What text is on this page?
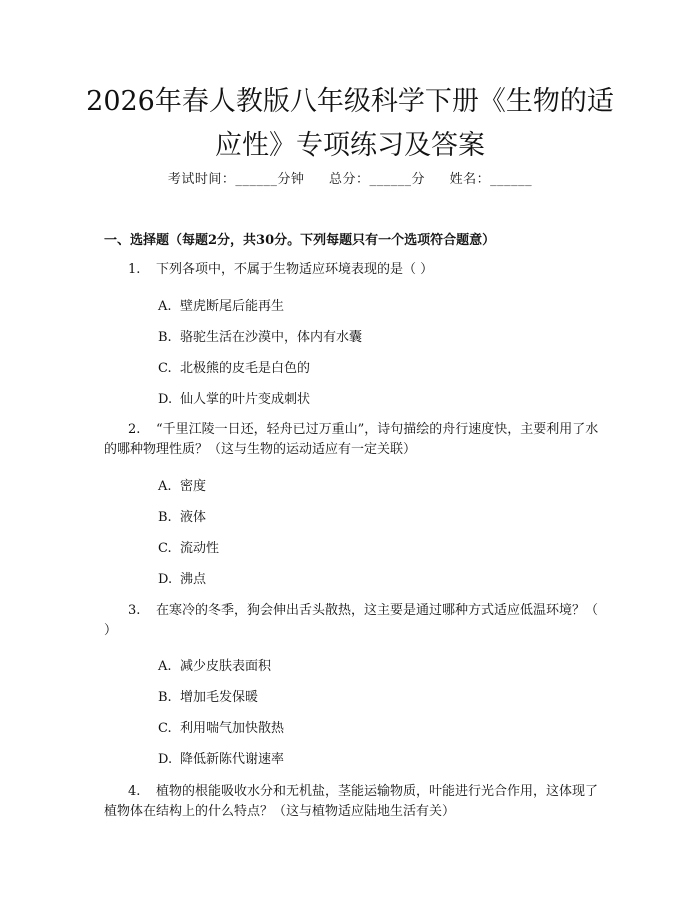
2026年春人教版八年级科学下册《生物的适
应性》专项练习及答案
考试时间：______分钟 总分：______分 姓名：______
一、选择题（每题2分，共30分。下列每题只有一个选项符合题意）
1. 下列各项中，不属于生物适应环境表现的是（ ）
A. 壁虎断尾后能再生
B. 骆驼生活在沙漠中，体内有水囊
C. 北极熊的皮毛是白色的
D. 仙人掌的叶片变成刺状
2. “千里江陵一日还，轻舟已过万重山”，诗句描绘的舟行速度快，主要利用了水的哪种物理性质？（这与生物的运动适应有一定关联）
A. 密度
B. 液体
C. 流动性
D. 沸点
3. 在寒冷的冬季，狗会伸出舌头散热，这主要是通过哪种方式适应低温环境？（ ）
A. 减少皮肤表面积
B. 增加毛发保暖
C. 利用喘气加快散热
D. 降低新陈代谢速率
4. 植物的根能吸收水分和无机盐，茎能运输物质，叶能进行光合作用，这体现了植物体在结构上的什么特点？（这与植物适应陆地生活有关）
